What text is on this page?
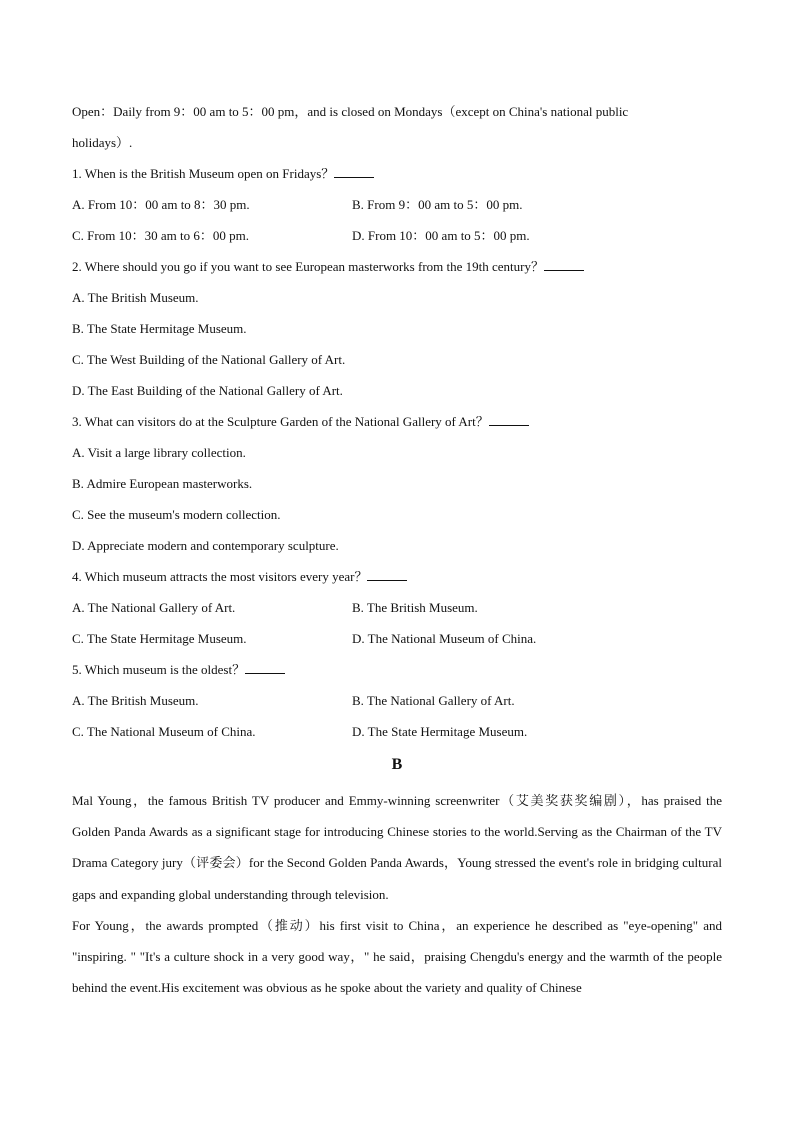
Open：Daily from 9：00 am to 5：00 pm，and is closed on Mondays（except on China's national public
holidays）.
1. When is the British Museum open on Fridays？
A. From 10：00 am to 8：30 pm.	B. From 9：00 am to 5：00 pm.
C. From 10：30 am to 6：00 pm.	D. From 10：00 am to 5：00 pm.
2. Where should you go if you want to see European masterworks from the 19th century？
A. The British Museum.
B. The State Hermitage Museum.
C. The West Building of the National Gallery of Art.
D. The East Building of the National Gallery of Art.
3. What can visitors do at the Sculpture Garden of the National Gallery of Art？
A. Visit a large library collection.
B. Admire European masterworks.
C. See the museum's modern collection.
D. Appreciate modern and contemporary sculpture.
4. Which museum attracts the most visitors every year？
A. The National Gallery of Art.	B. The British Museum.
C. The State Hermitage Museum.	D. The National Museum of China.
5. Which museum is the oldest？
A. The British Museum.	B. The National Gallery of Art.
C. The National Museum of China.	D. The State Hermitage Museum.
B

Mal Young，the famous British TV producer and Emmy-winning screenwriter（艾美奖获奖编剧），has praised the Golden Panda Awards as a significant stage for introducing Chinese stories to the world.Serving as the Chairman of the TV Drama Category jury（评委会）for the Second Golden Panda Awards，Young stressed the event's role in bridging cultural gaps and expanding global understanding through television.

For Young，the awards prompted（推动）his first visit to China，an experience he described as "eye-opening" and "inspiring. " "It's a culture shock in a very good way，" he said，praising Chengdu's energy and the warmth of the people behind the event.His excitement was obvious as he spoke about the variety and quality of Chinese
